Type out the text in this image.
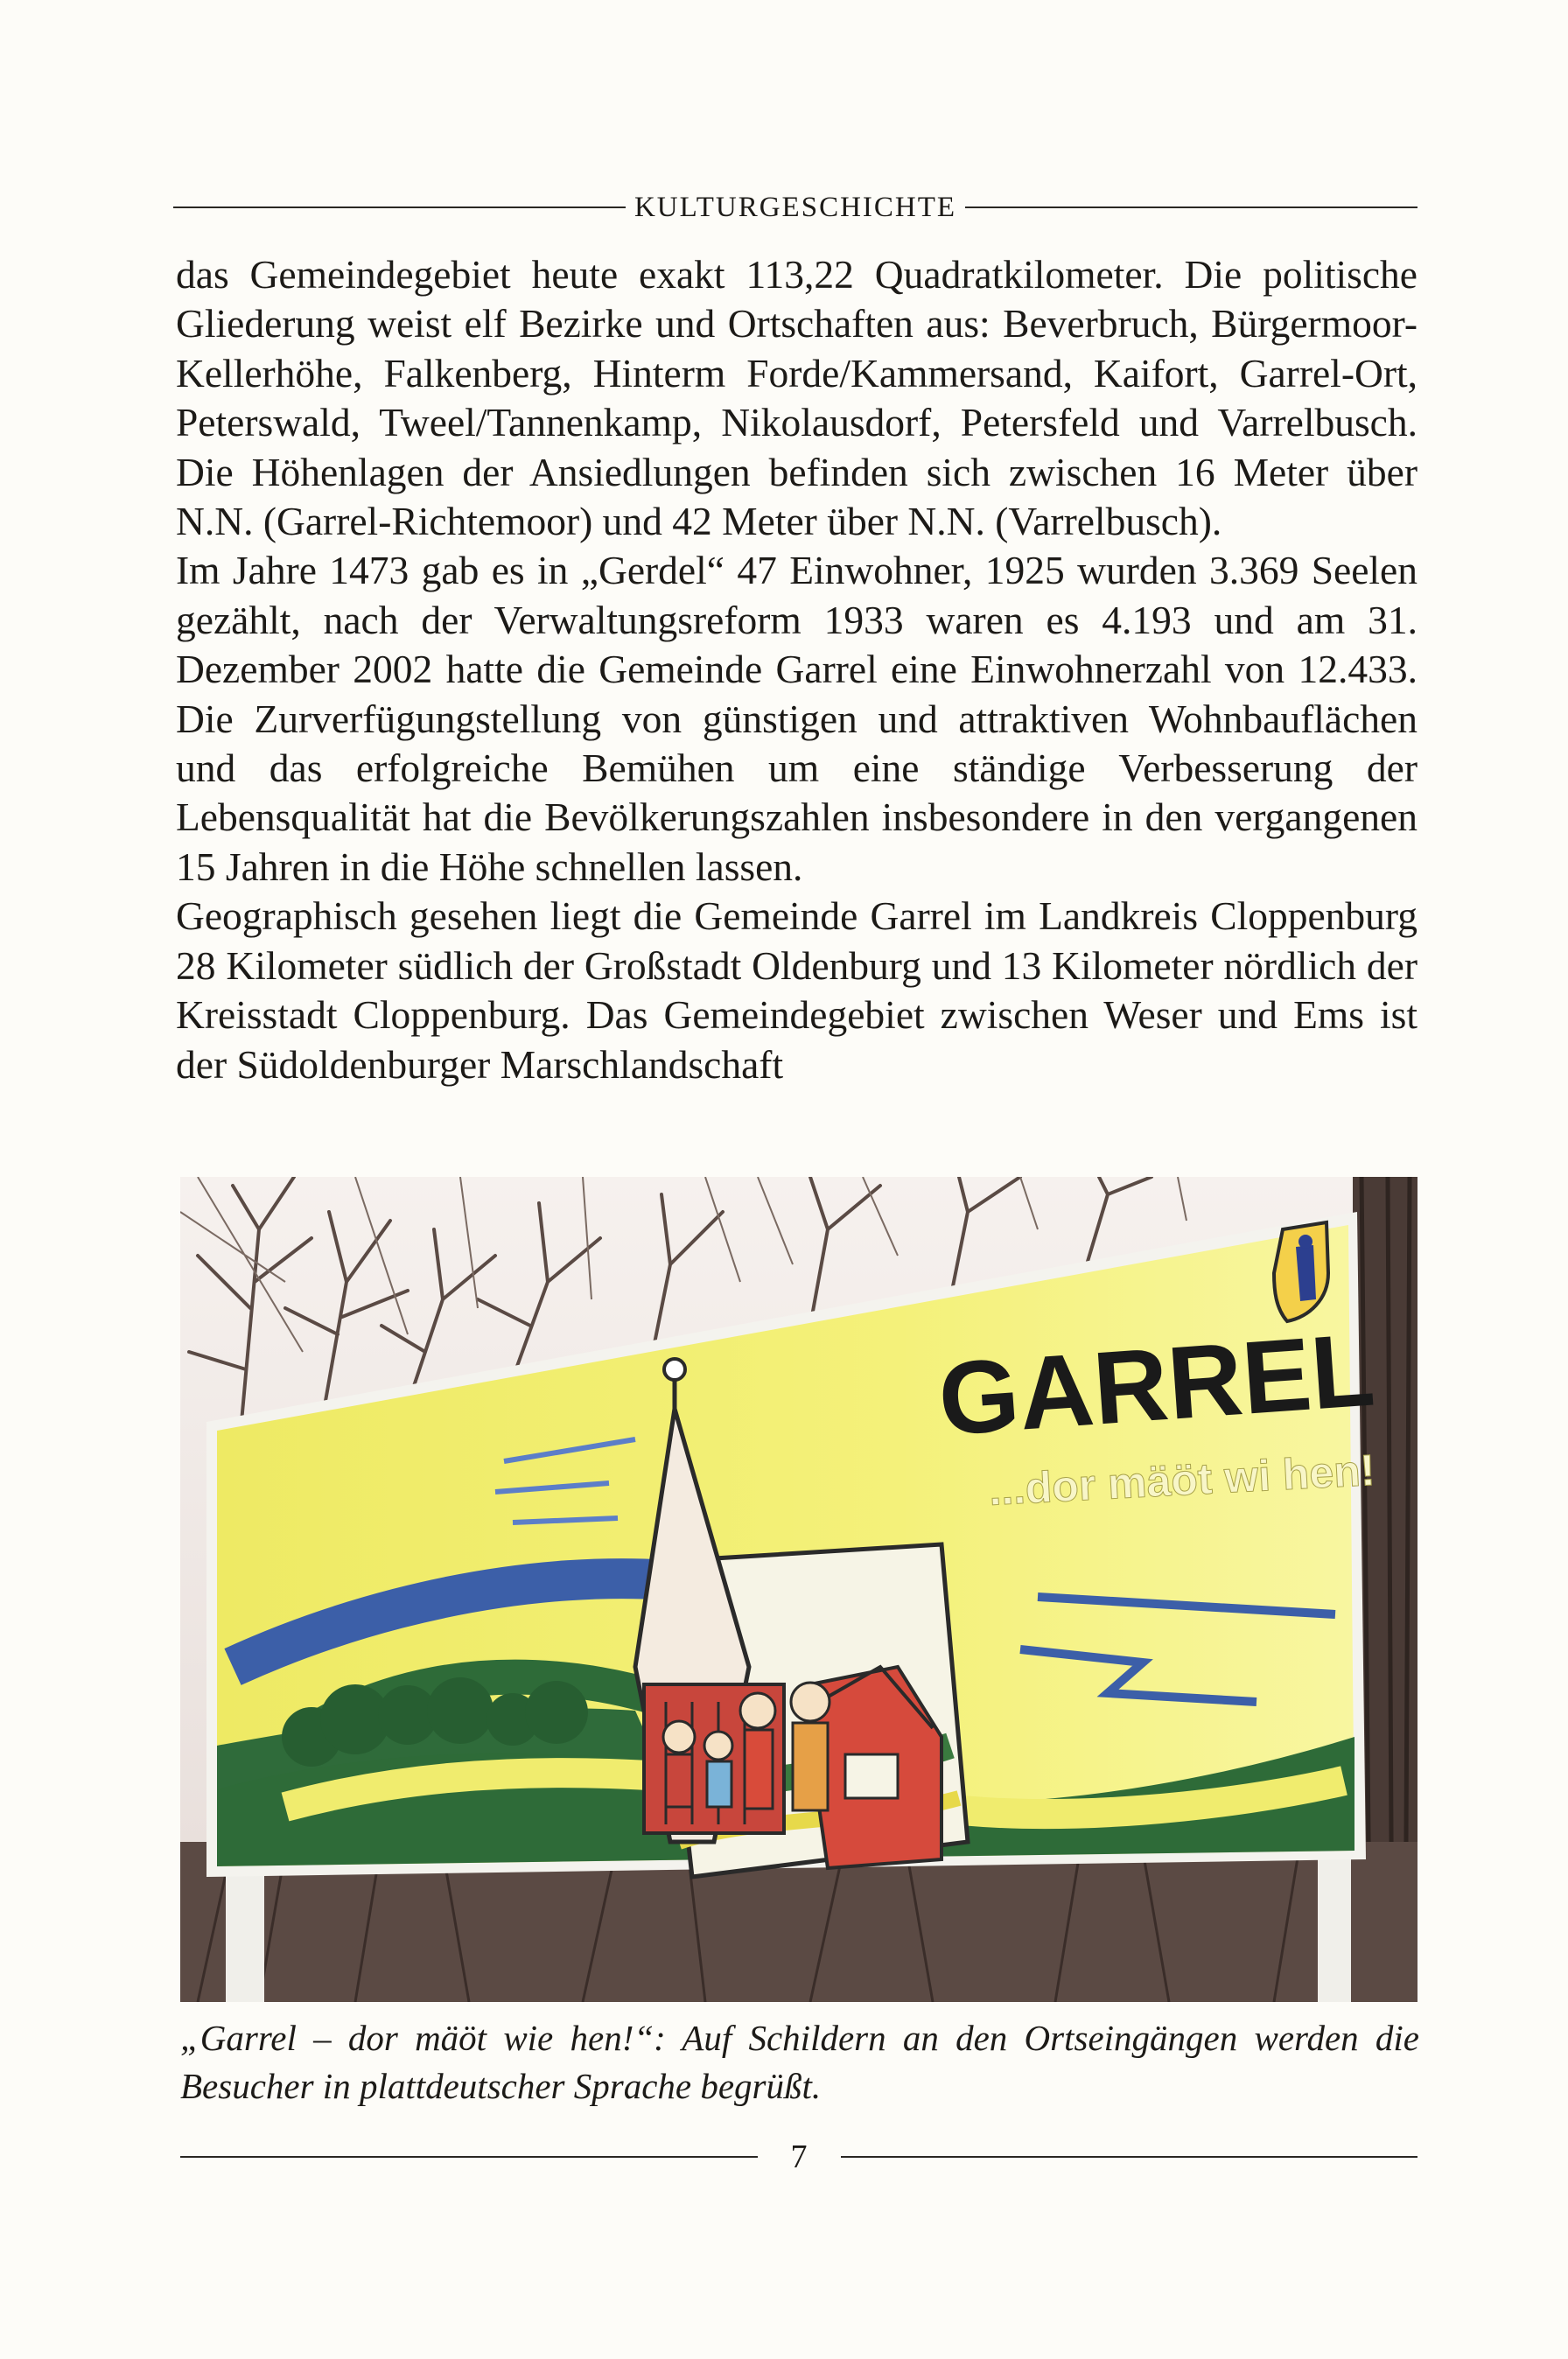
KULTURGESCHICHTE

das Gemeindegebiet heute exakt 113,22 Quadratkilometer. Die politische Gliederung weist elf Bezirke und Ortschaften aus: Beverbruch, Bürgermoor-Kellerhöhe, Falkenberg, Hinterm Forde/Kammersand, Kaifort, Garrel-Ort, Peterswald, Tweel/Tannenkamp, Nikolausdorf, Petersfeld und Varrelbusch. Die Höhenlagen der Ansiedlungen befinden sich zwischen 16 Meter über N.N. (Garrel-Richtemoor) und 42 Meter über N.N. (Varrelbusch).

Im Jahre 1473 gab es in „Gerdel“ 47 Einwohner, 1925 wurden 3.369 Seelen gezählt, nach der Verwaltungsreform 1933 waren es 4.193 und am 31. Dezember 2002 hatte die Gemeinde Garrel eine Einwohnerzahl von 12.433. Die Zurverfügungstellung von günstigen und attraktiven Wohnbauflächen und das erfolgreiche Bemühen um eine ständige Verbesserung der Lebensqualität hat die Bevölkerungszahlen insbesondere in den vergangenen 15 Jahren in die Höhe schnellen lassen.

Geographisch gesehen liegt die Gemeinde Garrel im Landkreis Cloppenburg 28 Kilometer südlich der Großstadt Oldenburg und 13 Kilometer nördlich der Kreisstadt Cloppenburg. Das Gemeindegebiet zwischen Weser und Ems ist der Südoldenburger Marschlandschaft

GARREL
...dor mäöt wi hen!
„Garrel – dor mäöt wie hen!“: Auf Schildern an den Ortseingängen werden die Besucher in plattdeutscher Sprache begrüßt.
7
